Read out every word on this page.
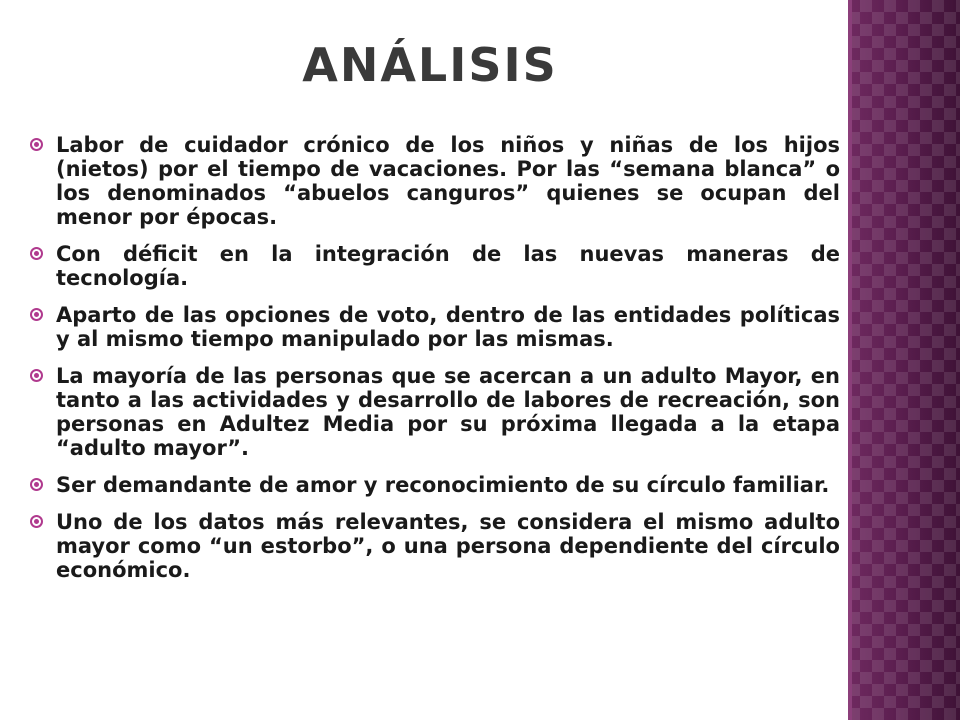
ANÁLISIS
Labor de cuidador crónico de los niños y niñas de los hijos (nietos) por el tiempo de vacaciones. Por las “semana blanca” o los denominados “abuelos canguros” quienes se ocupan del menor por épocas.
Con déficit en la integración de las nuevas maneras de tecnología.
Aparto de las opciones de voto, dentro de las entidades políticas y al mismo tiempo manipulado por las mismas.
La mayoría de las personas que se acercan a un adulto Mayor, en tanto a las actividades y desarrollo de labores de recreación, son personas en Adultez Media por su próxima llegada a la etapa “adulto mayor”.
Ser demandante de amor y reconocimiento de su círculo familiar.
Uno de los datos más relevantes, se considera el mismo adulto mayor como “un estorbo”, o una persona dependiente del círculo económico.
